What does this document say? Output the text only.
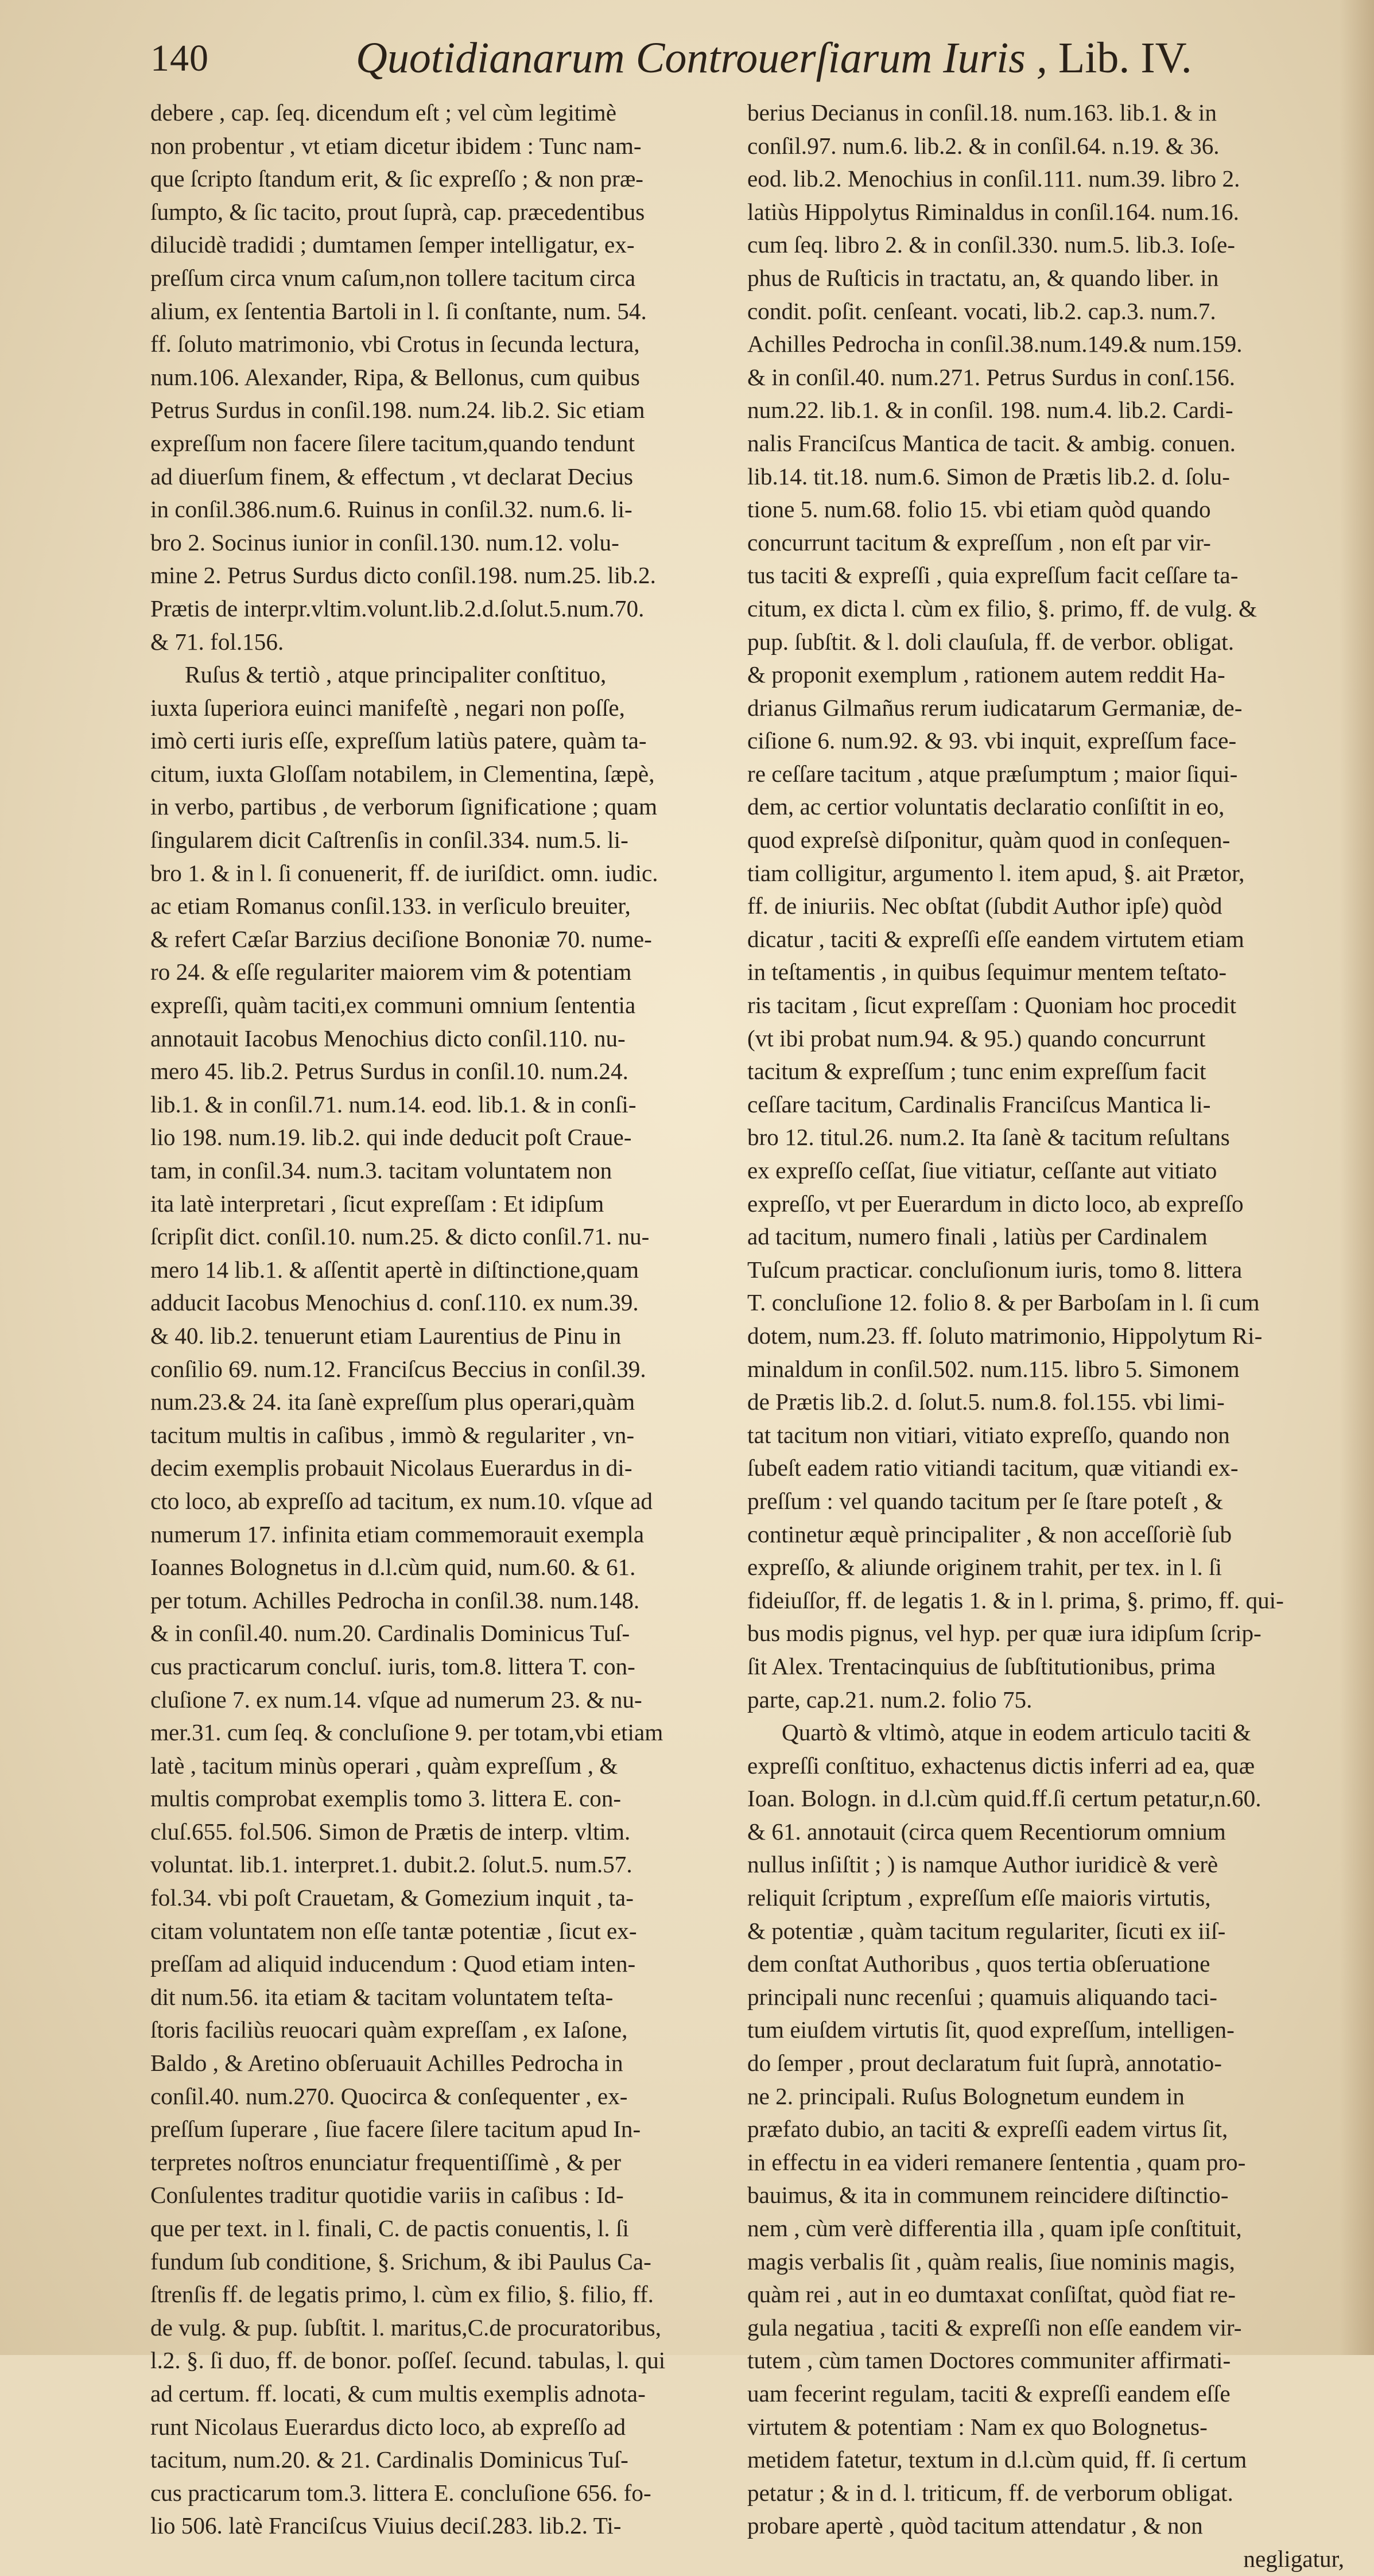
140	Quotidianarum Controuerſiarum Iuris , Lib. IV.
debere , cap. ſeq. dicendum eſt ; vel cùm legitimè
non probentur , vt etiam dicetur ibidem : Tunc nam-
que ſcripto ſtandum erit, & ſic expreſſo ; & non præ-
ſumpto, & ſic tacito, prout ſuprà, cap. præcedentibus
dilucidè tradidi ; dumtamen ſemper intelligatur, ex-
preſſum circa vnum caſum,non tollere tacitum circa
alium, ex ſententia Bartoli in l. ſi conſtante, num. 54.
ff. ſoluto matrimonio, vbi Crotus in ſecunda lectura,
num.106. Alexander, Ripa, & Bellonus, cum quibus
Petrus Surdus in conſil.198. num.24. lib.2. Sic etiam
expreſſum non facere ſilere tacitum,quando tendunt
ad diuerſum finem, & effectum , vt declarat Decius
in conſil.386.num.6. Ruinus in conſil.32. num.6. li-
bro 2. Socinus iunior in conſil.130. num.12. volu-
mine 2. Petrus Surdus dicto conſil.198. num.25. lib.2.
Prætis de interpr.vltim.volunt.lib.2.d.ſolut.5.num.70.
& 71. fol.156.
Ruſus & tertiò , atque principaliter conſtituo,
iuxta ſuperiora euinci manifeſtè , negari non poſſe,
imò certi iuris eſſe, expreſſum latiùs patere, quàm ta-
citum, iuxta Gloſſam notabilem, in Clementina, ſæpè,
in verbo, partibus , de verborum ſignificatione ; quam
ſingularem dicit Caſtrenſis in conſil.334. num.5. li-
bro 1. & in l. ſi conuenerit, ff. de iuriſdict. omn. iudic.
ac etiam Romanus conſil.133. in verſiculo breuiter,
& refert Cæſar Barzius deciſione Bononiæ 70. nume-
ro 24. & eſſe regulariter maiorem vim & potentiam
expreſſi, quàm taciti,ex communi omnium ſententia
annotauit Iacobus Menochius dicto conſil.110. nu-
mero 45. lib.2. Petrus Surdus in conſil.10. num.24.
lib.1. & in conſil.71. num.14. eod. lib.1. & in conſi-
lio 198. num.19. lib.2. qui inde deducit poſt Craue-
tam, in conſil.34. num.3. tacitam voluntatem non
ita latè interpretari , ſicut expreſſam : Et idipſum
ſcripſit dict. conſil.10. num.25. & dicto conſil.71. nu-
mero 14 lib.1. & aſſentit apertè in diſtinctione,quam
adducit Iacobus Menochius d. conſ.110. ex num.39.
& 40. lib.2. tenuerunt etiam Laurentius de Pinu in
conſilio 69. num.12. Franciſcus Beccius in conſil.39.
num.23.& 24. ita ſanè expreſſum plus operari,quàm
tacitum multis in caſibus , immò & regulariter , vn-
decim exemplis probauit Nicolaus Euerardus in di-
cto loco, ab expreſſo ad tacitum, ex num.10. vſque ad
numerum 17. infinita etiam commemorauit exempla
Ioannes Bolognetus in d.l.cùm quid, num.60. & 61.
per totum. Achilles Pedrocha in conſil.38. num.148.
& in conſil.40. num.20. Cardinalis Dominicus Tuſ-
cus practicarum concluſ. iuris, tom.8. littera T. con-
cluſione 7. ex num.14. vſque ad numerum 23. & nu-
mer.31. cum ſeq. & concluſione 9. per totam,vbi etiam
latè , tacitum minùs operari , quàm expreſſum , &
multis comprobat exemplis tomo 3. littera E. con-
cluſ.655. fol.506. Simon de Prætis de interp. vltim.
voluntat. lib.1. interpret.1. dubit.2. ſolut.5. num.57.
fol.34. vbi poſt Crauetam, & Gomezium inquit , ta-
citam voluntatem non eſſe tantæ potentiæ , ſicut ex-
preſſam ad aliquid inducendum : Quod etiam inten-
dit num.56. ita etiam & tacitam voluntatem teſta-
ſtoris faciliùs reuocari quàm expreſſam , ex Iaſone,
Baldo , & Aretino obſeruauit Achilles Pedrocha in
conſil.40. num.270. Quocirca & conſequenter , ex-
preſſum ſuperare , ſiue facere ſilere tacitum apud In-
terpretes noſtros enunciatur frequentiſſimè , & per
Conſulentes traditur quotidie variis in caſibus : Id-
que per text. in l. finali, C. de pactis conuentis, l. ſi
fundum ſub conditione, §. Srichum, & ibi Paulus Ca-
ſtrenſis ff. de legatis primo, l. cùm ex filio, §. filio, ff.
de vulg. & pup. ſubſtit. l. maritus,C.de procuratoribus,
l.2. §. ſi duo, ff. de bonor. poſſeſ. ſecund. tabulas, l. qui
ad certum. ff. locati, & cum multis exemplis adnota-
runt Nicolaus Euerardus dicto loco, ab expreſſo ad
tacitum, num.20. & 21. Cardinalis Dominicus Tuſ-
cus practicarum tom.3. littera E. concluſione 656. fo-
lio 506. latè Franciſcus Viuius deciſ.283. lib.2. Ti-
berius Decianus in conſil.18. num.163. lib.1. & in
conſil.97. num.6. lib.2. & in conſil.64. n.19. & 36.
eod. lib.2. Menochius in conſil.111. num.39. libro 2.
latiùs Hippolytus Riminaldus in conſil.164. num.16.
cum ſeq. libro 2. & in conſil.330. num.5. lib.3. Ioſe-
phus de Ruſticis in tractatu, an, & quando liber. in
condit. poſit. cenſeant. vocati, lib.2. cap.3. num.7.
Achilles Pedrocha in conſil.38.num.149.& num.159.
& in conſil.40. num.271. Petrus Surdus in conſ.156.
num.22. lib.1. & in conſil. 198. num.4. lib.2. Cardi-
nalis Franciſcus Mantica de tacit. & ambig. conuen.
lib.14. tit.18. num.6. Simon de Prætis lib.2. d. ſolu-
tione 5. num.68. folio 15. vbi etiam quòd quando
concurrunt tacitum & expreſſum , non eſt par vir-
tus taciti & expreſſi , quia expreſſum facit ceſſare ta-
citum, ex dicta l. cùm ex filio, §. primo, ff. de vulg. &
pup. ſubſtit. & l. doli clauſula, ff. de verbor. obligat.
& proponit exemplum , rationem autem reddit Ha-
drianus Gilmañus rerum iudicatarum Germaniæ, de-
ciſione 6. num.92. & 93. vbi inquit, expreſſum face-
re ceſſare tacitum , atque præſumptum ; maior ſiqui-
dem, ac certior voluntatis declaratio conſiſtit in eo,
quod expreſsè diſponitur, quàm quod in conſequen-
tiam colligitur, argumento l. item apud, §. ait Prætor,
ff. de iniuriis. Nec obſtat (ſubdit Author ipſe) quòd
dicatur , taciti & expreſſi eſſe eandem virtutem etiam
in teſtamentis , in quibus ſequimur mentem teſtato-
ris tacitam , ſicut expreſſam : Quoniam hoc procedit
(vt ibi probat num.94. & 95.) quando concurrunt
tacitum & expreſſum ; tunc enim expreſſum facit
ceſſare tacitum, Cardinalis Franciſcus Mantica li-
bro 12. titul.26. num.2. Ita ſanè & tacitum reſultans
ex expreſſo ceſſat, ſiue vitiatur, ceſſante aut vitiato
expreſſo, vt per Euerardum in dicto loco, ab expreſſo
ad tacitum, numero finali , latiùs per Cardinalem
Tuſcum practicar. concluſionum iuris, tomo 8. littera
T. concluſione 12. folio 8. & per Barboſam in l. ſi cum
dotem, num.23. ff. ſoluto matrimonio, Hippolytum Ri-
minaldum in conſil.502. num.115. libro 5. Simonem
de Prætis lib.2. d. ſolut.5. num.8. fol.155. vbi limi-
tat tacitum non vitiari, vitiato expreſſo, quando non
ſubeſt eadem ratio vitiandi tacitum, quæ vitiandi ex-
preſſum : vel quando tacitum per ſe ſtare poteſt , &
continetur æquè principaliter , & non acceſſoriè ſub
expreſſo, & aliunde originem trahit, per tex. in l. ſi
fideiuſſor, ff. de legatis 1. & in l. prima, §. primo, ff. qui-
bus modis pignus, vel hyp. per quæ iura idipſum ſcrip-
ſit Alex. Trentacinquius de ſubſtitutionibus, prima
parte, cap.21. num.2. folio 75.
Quartò & vltimò, atque in eodem articulo taciti &
expreſſi conſtituo, exhactenus dictis inferri ad ea, quæ
Ioan. Bologn. in d.l.cùm quid.ff.ſi certum petatur,n.60.
& 61. annotauit (circa quem Recentiorum omnium
nullus inſiſtit ; ) is namque Author iuridicè & verè
reliquit ſcriptum , expreſſum eſſe maioris virtutis,
& potentiæ , quàm tacitum regulariter, ſicuti ex iiſ-
dem conſtat Authoribus , quos tertia obſeruatione
principali nunc recenſui ; quamuis aliquando taci-
tum eiuſdem virtutis ſit, quod expreſſum, intelligen-
do ſemper , prout declaratum fuit ſuprà, annotatio-
ne 2. principali. Ruſus Bolognetum eundem in
præfato dubio, an taciti & expreſſi eadem virtus ſit,
in effectu in ea videri remanere ſententia , quam pro-
bauimus, & ita in communem reincidere diſtinctio-
nem , cùm verè differentia illa , quam ipſe conſtituit,
magis verbalis ſit , quàm realis, ſiue nominis magis,
quàm rei , aut in eo dumtaxat conſiſtat, quòd fiat re-
gula negatiua , taciti & expreſſi non eſſe eandem vir-
tutem , cùm tamen Doctores communiter affirmati-
uam fecerint regulam, taciti & expreſſi eandem eſſe
virtutem & potentiam : Nam ex quo Bolognetus-
metidem fatetur, textum in d.l.cùm quid, ff. ſi certum
petatur ; & in d. l. triticum, ff. de verborum obligat.
probare apertè , quòd tacitum attendatur , & non
negligatur,
